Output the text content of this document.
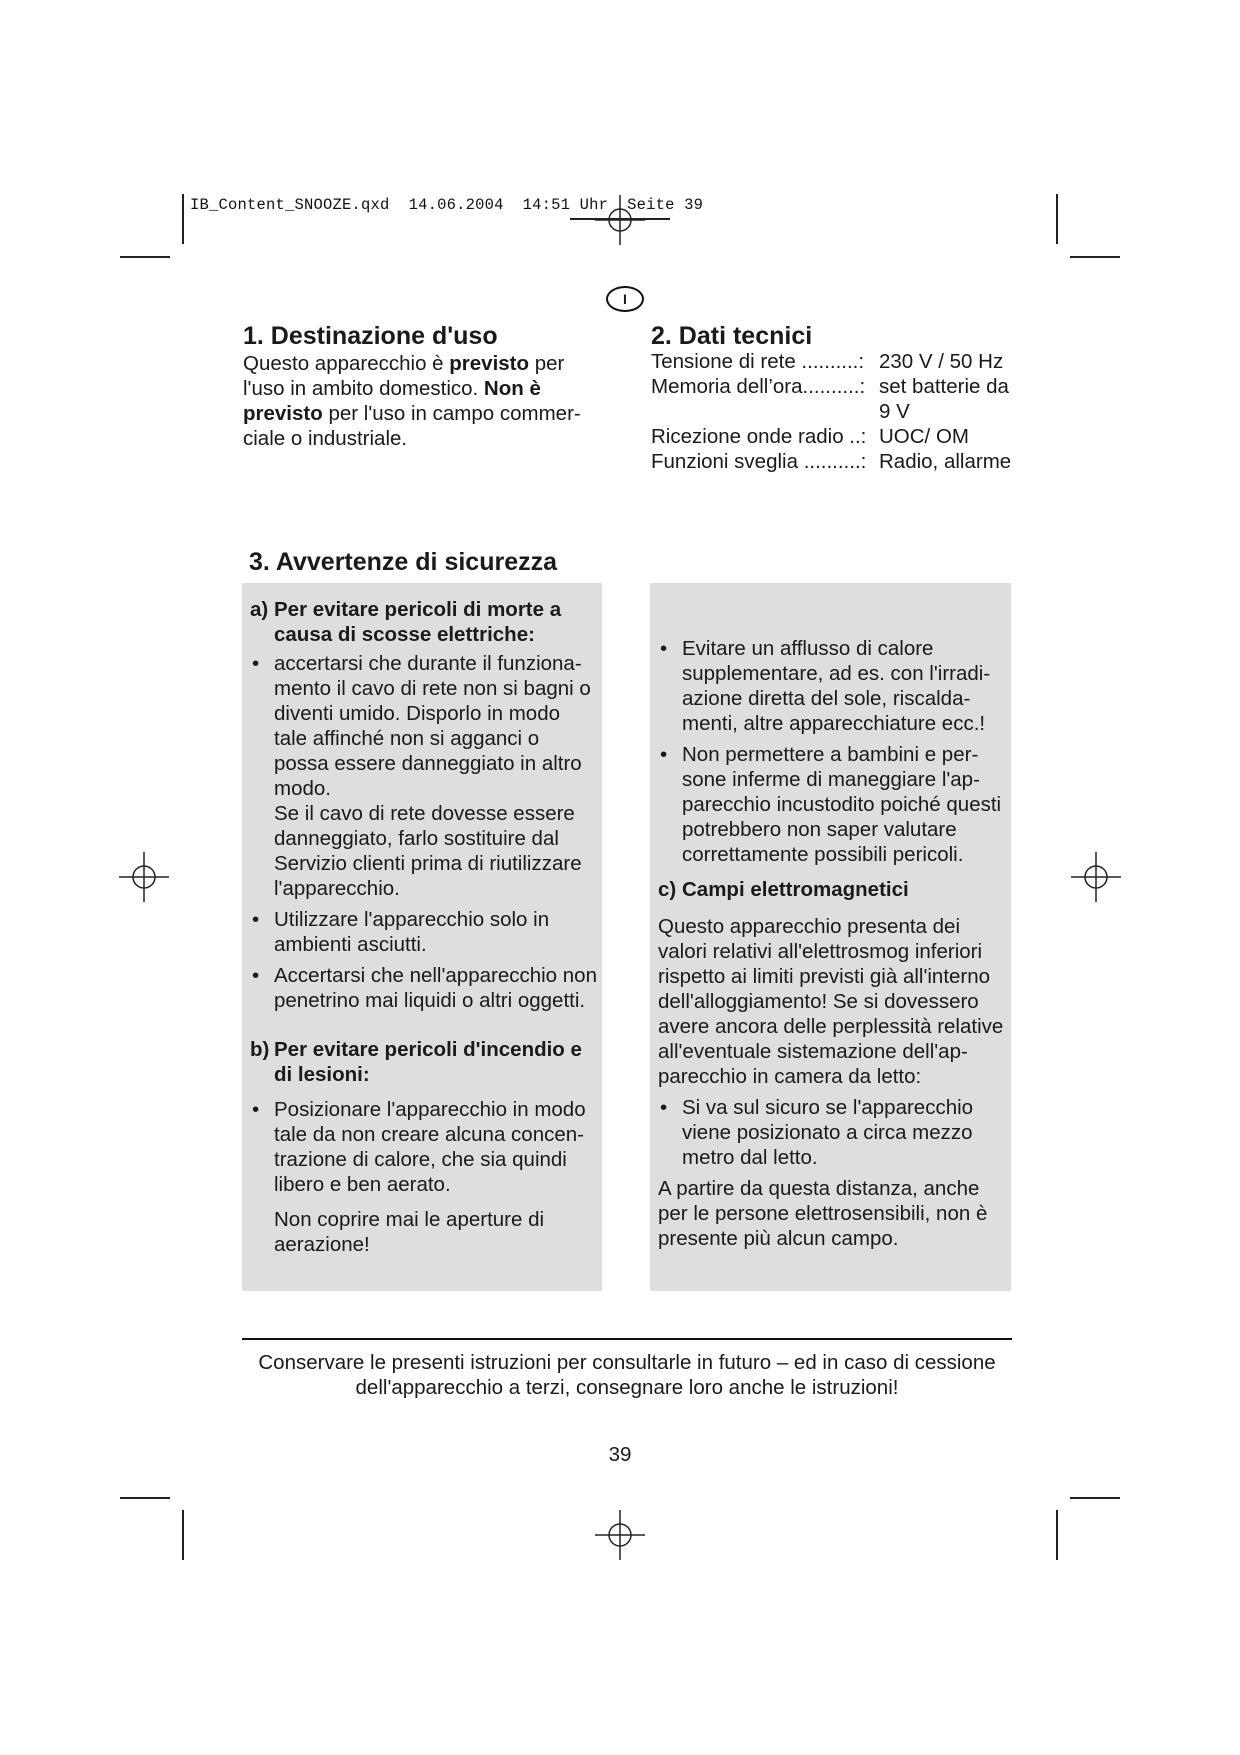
IB_Content_SNOOZE.qxd 14.06.2004 14:51 Uhr Seite 39
I
1. Destinazione d'uso

Questo apparecchio è previsto per l'uso in ambito domestico. Non è previsto per l'uso in campo commerciale o industriale.

2. Dati tecnici
Tensione di rete ..........: 230 V / 50 Hz
Memoria dell’ora..........: set batterie da 9 V
Ricezione onde radio ..: UOC/ OM
Funzioni sveglia ..........: Radio, allarme
3. Avvertenze di sicurezza
a) Per evitare pericoli di morte a causa di scosse elettriche:
• accertarsi che durante il funzionamento il cavo di rete non si bagni o diventi umido. Disporlo in modo tale affinché non si agganci o possa essere danneggiato in altro modo.
Se il cavo di rete dovesse essere danneggiato, farlo sostituire dal Servizio clienti prima di riutilizzare l'apparecchio.
• Utilizzare l'apparecchio solo in ambienti asciutti.
• Accertarsi che nell'apparecchio non penetrino mai liquidi o altri oggetti.
b) Per evitare pericoli d'incendio e di lesioni:
• Posizionare l'apparecchio in modo tale da non creare alcuna concentrazione di calore, che sia quindi libero e ben aerato.
Non coprire mai le aperture di aerazione!
• Evitare un afflusso di calore supplementare, ad es. con l'irradiazione diretta del sole, riscaldamenti, altre apparecchiature ecc.!
• Non permettere a bambini e persone inferme di maneggiare l'apparecchio incustodito poiché questi potrebbero non saper valutare correttamente possibili pericoli.
c) Campi elettromagnetici
Questo apparecchio presenta dei valori relativi all'elettrosmog inferiori rispetto ai limiti previsti già all'interno dell'alloggiamento! Se si dovessero avere ancora delle perplessità relative all'eventuale sistemazione dell'apparecchio in camera da letto:
• Si va sul sicuro se l'apparecchio viene posizionato a circa mezzo metro dal letto.
A partire da questa distanza, anche per le persone elettrosensibili, non è presente più alcun campo.
Conservare le presenti istruzioni per consultarle in futuro – ed in caso di cessione dell'apparecchio a terzi, consegnare loro anche le istruzioni!
39
